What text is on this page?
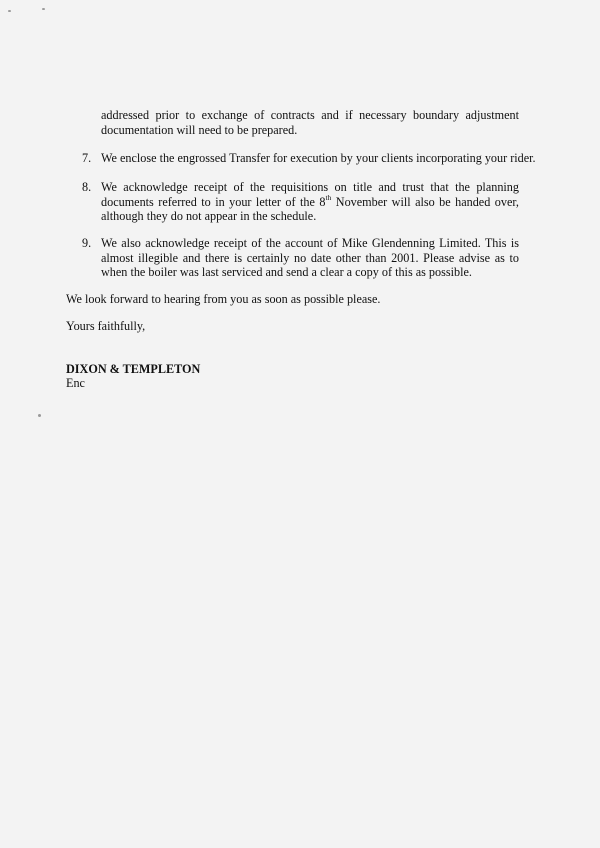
addressed prior to exchange of contracts and if necessary boundary adjustment documentation will need to be prepared.

7. We enclose the engrossed Transfer for execution by your clients incorporating your rider.

8. We acknowledge receipt of the requisitions on title and trust that the planning documents referred to in your letter of the 8th November will also be handed over, although they do not appear in the schedule.

9. We also acknowledge receipt of the account of Mike Glendenning Limited. This is almost illegible and there is certainly no date other than 2001. Please advise as to when the boiler was last serviced and send a clear a copy of this as possible.

We look forward to hearing from you as soon as possible please.

Yours faithfully,

DIXON & TEMPLETON

Enc
